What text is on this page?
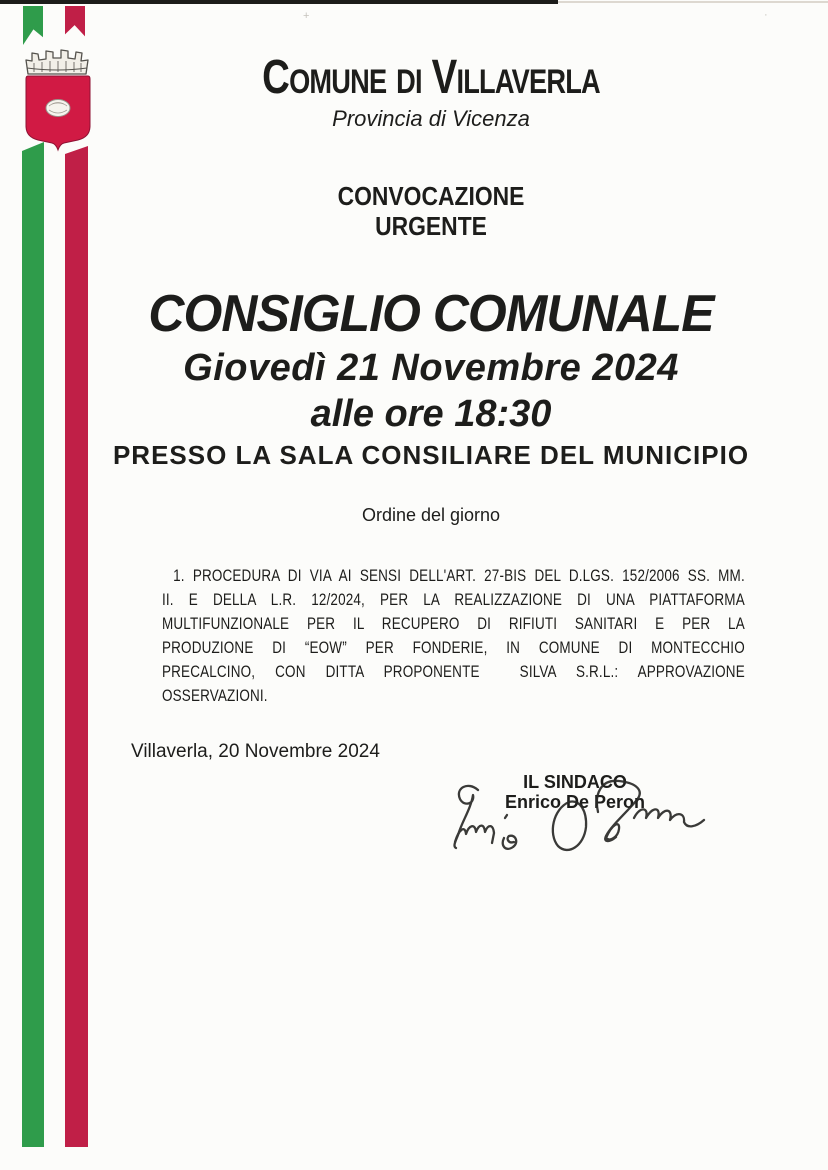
+	·
Comune di Villaverla
Provincia di Vicenza
CONVOCAZIONE
URGENTE
CONSIGLIO COMUNALE
Giovedì 21 Novembre 2024
alle ore 18:30
PRESSO LA SALA CONSILIARE DEL MUNICIPIO
Ordine del giorno
1. PROCEDURA DI VIA AI SENSI DELL'ART. 27-BIS DEL D.LGS. 152/2006 SS. MM.
II. E DELLA L.R. 12/2024, PER LA REALIZZAZIONE DI UNA PIATTAFORMA
MULTIFUNZIONALE PER IL RECUPERO DI RIFIUTI SANITARI E PER LA
PRODUZIONE DI “EOW” PER FONDERIE, IN COMUNE DI MONTECCHIO
PRECALCINO, CON DITTA PROPONENTE  SILVA S.R.L.: APPROVAZIONE
OSSERVAZIONI.
Villaverla, 20 Novembre 2024
IL SINDACO
Enrico De Peron
